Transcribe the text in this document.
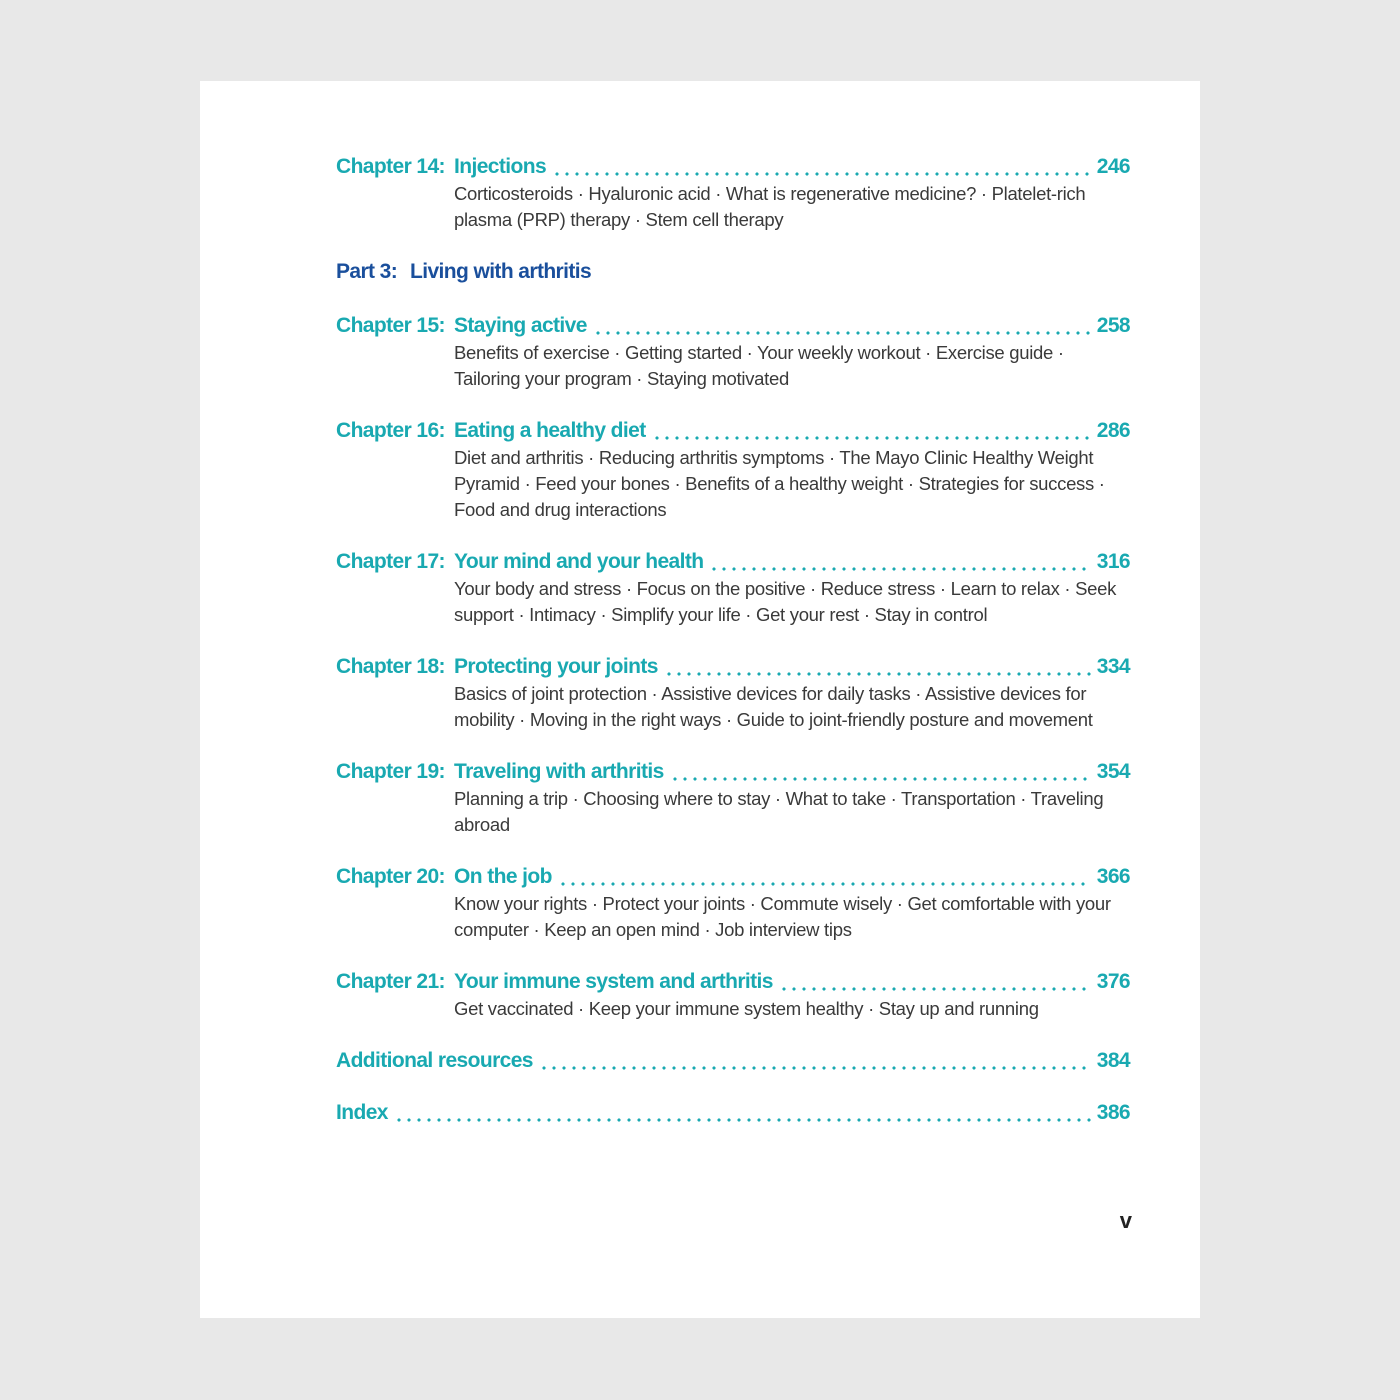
Chapter 14: Injections	246
Corticosteroids · Hyaluronic acid · What is regenerative medicine? · Platelet-rich plasma (PRP) therapy · Stem cell therapy
Part 3: Living with arthritis
Chapter 15: Staying active	258
Benefits of exercise · Getting started · Your weekly workout · Exercise guide · Tailoring your program · Staying motivated
Chapter 16: Eating a healthy diet	286
Diet and arthritis · Reducing arthritis symptoms · The Mayo Clinic Healthy Weight Pyramid · Feed your bones · Benefits of a healthy weight · Strategies for success · Food and drug interactions
Chapter 17: Your mind and your health	316
Your body and stress · Focus on the positive · Reduce stress · Learn to relax · Seek support · Intimacy · Simplify your life · Get your rest · Stay in control
Chapter 18: Protecting your joints	334
Basics of joint protection · Assistive devices for daily tasks · Assistive devices for mobility · Moving in the right ways · Guide to joint-friendly posture and movement
Chapter 19: Traveling with arthritis	354
Planning a trip · Choosing where to stay · What to take · Transportation · Traveling abroad
Chapter 20: On the job	366
Know your rights · Protect your joints · Commute wisely · Get comfortable with your computer · Keep an open mind · Job interview tips
Chapter 21: Your immune system and arthritis	376
Get vaccinated · Keep your immune system healthy · Stay up and running
Additional resources	384
Index	386
v
